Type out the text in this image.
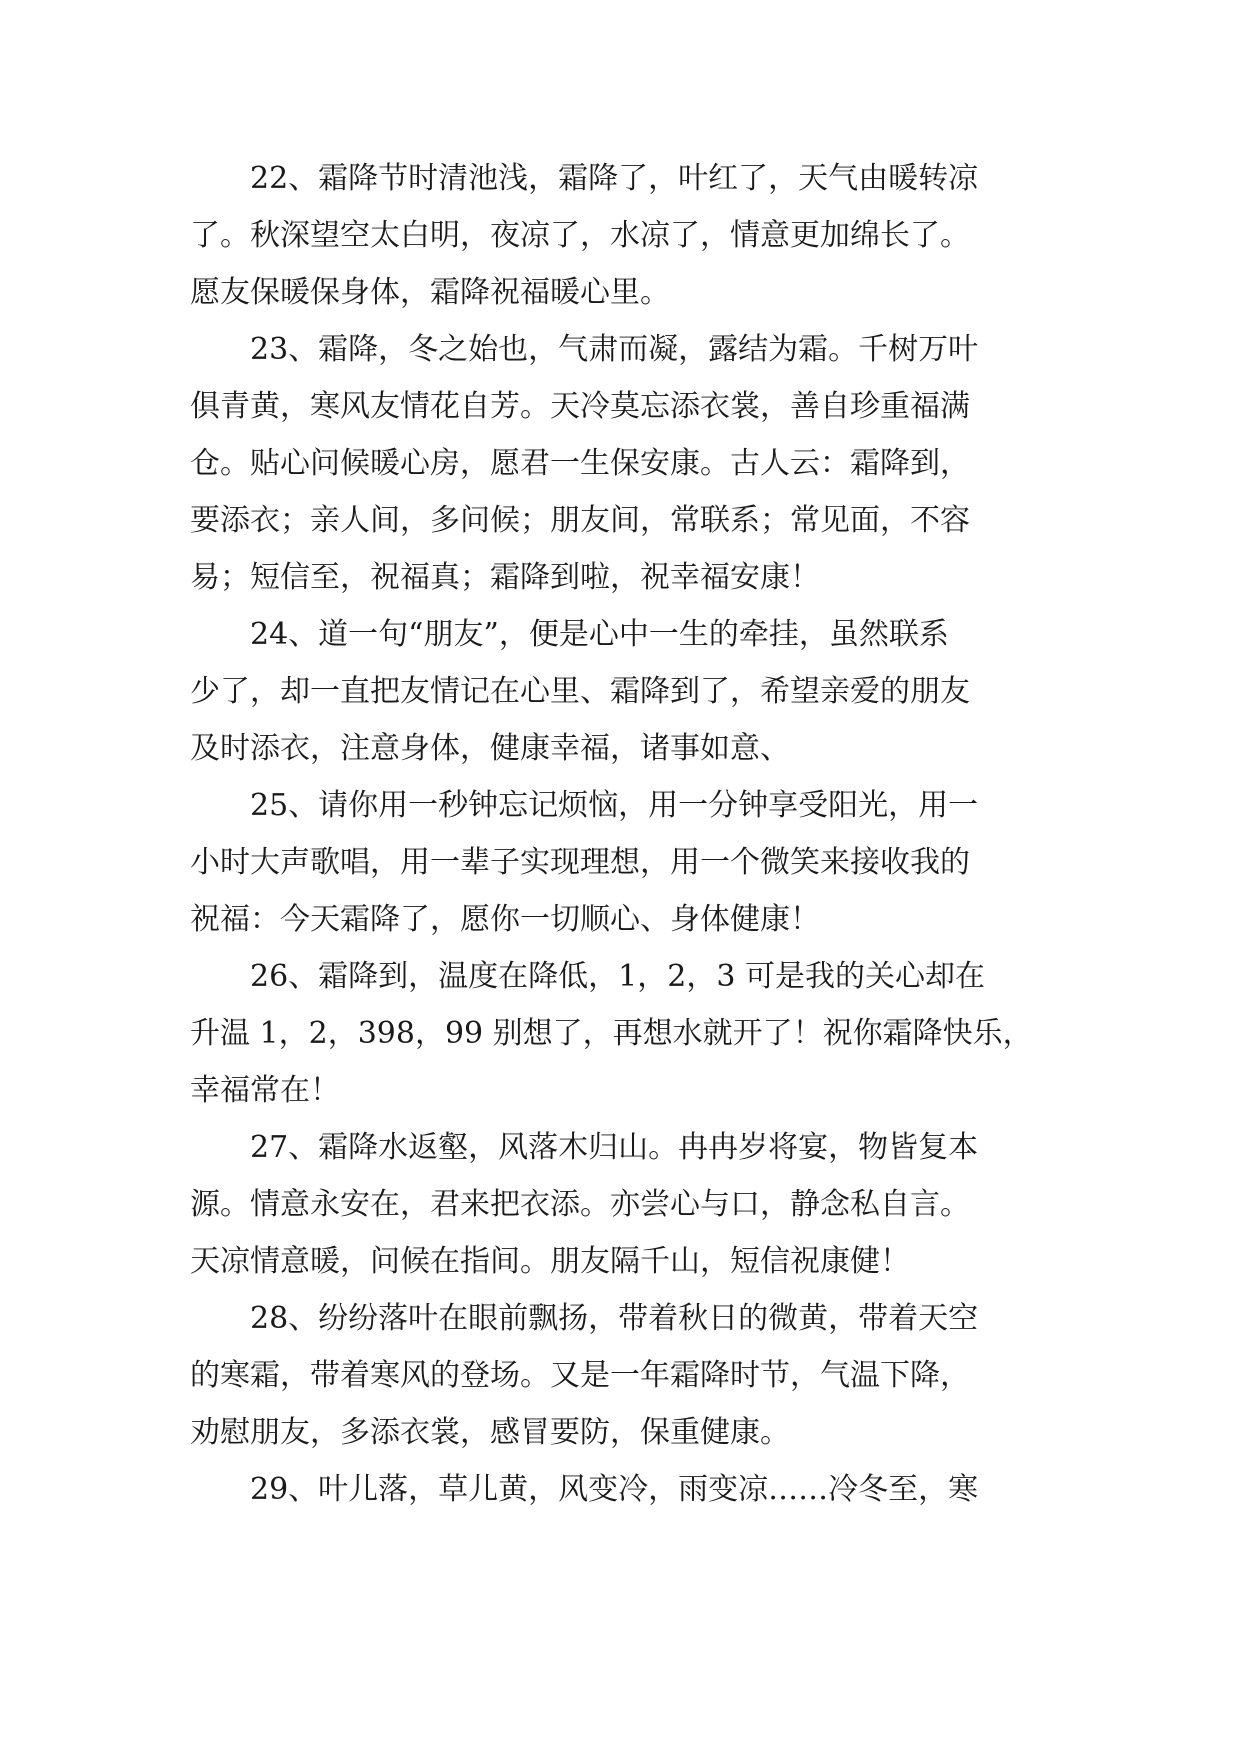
22、霜降节时清池浅，霜降了，叶红了，天气由暖转凉
了。秋深望空太白明，夜凉了，水凉了，情意更加绵长了。
愿友保暖保身体，霜降祝福暖心里。
23、霜降，冬之始也，气肃而凝，露结为霜。千树万叶
俱青黄，寒风友情花自芳。天冷莫忘添衣裳，善自珍重福满
仓。贴心问候暖心房，愿君一生保安康。古人云：霜降到，
要添衣；亲人间，多问候；朋友间，常联系；常见面，不容
易；短信至，祝福真；霜降到啦，祝幸福安康！
24、道一句“朋友”，便是心中一生的牵挂，虽然联系
少了，却一直把友情记在心里、霜降到了，希望亲爱的朋友
及时添衣，注意身体，健康幸福，诸事如意、
25、请你用一秒钟忘记烦恼，用一分钟享受阳光，用一
小时大声歌唱，用一辈子实现理想，用一个微笑来接收我的
祝福：今天霜降了，愿你一切顺心、身体健康！
26、霜降到，温度在降低，1，2，3 可是我的关心却在
升温 1，2，398，99 别想了，再想水就开了！祝你霜降快乐，
幸福常在！
27、霜降水返壑，风落木归山。冉冉岁将宴，物皆复本
源。情意永安在，君来把衣添。亦尝心与口，静念私自言。
天凉情意暖，问候在指间。朋友隔千山，短信祝康健！
28、纷纷落叶在眼前飘扬，带着秋日的微黄，带着天空
的寒霜，带着寒风的登场。又是一年霜降时节，气温下降，
劝慰朋友，多添衣裳，感冒要防，保重健康。
29、叶儿落，草儿黄，风变冷，雨变凉……冷冬至，寒
